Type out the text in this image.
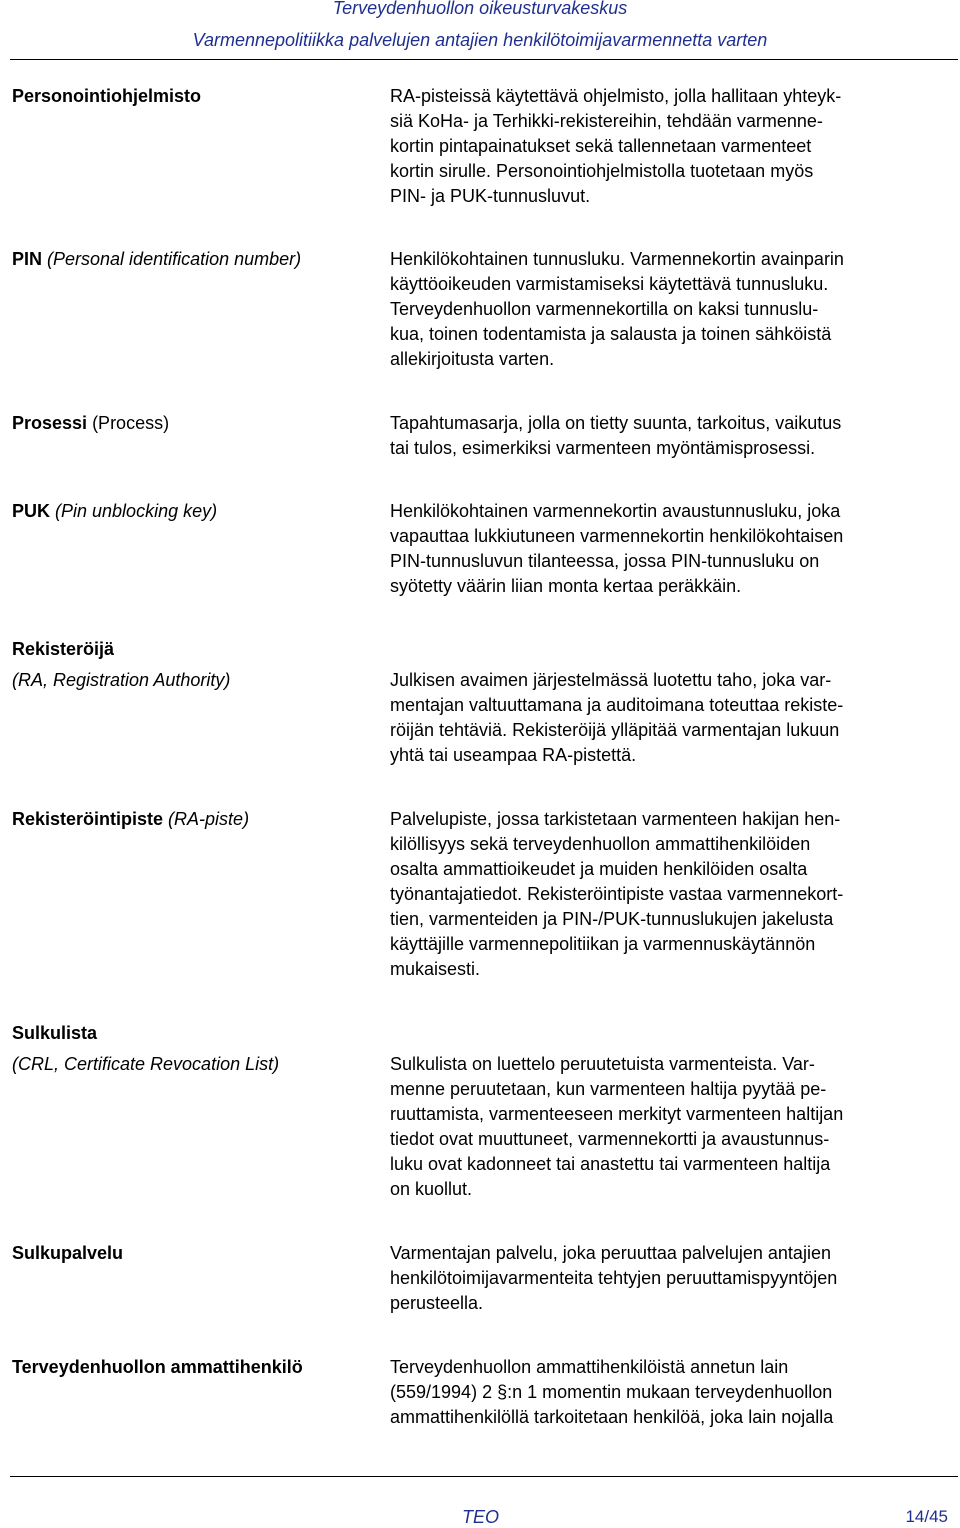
Terveydenhuollon oikeusturvakeskus
Varmennepolitiikka palvelujen antajien henkilötoimijavarmennetta varten
Personointiohjelmisto	RA-pisteissä käytettävä ohjelmisto, jolla hallitaan yhteyk-
siä KoHa- ja Terhikki-rekistereihin, tehdään varmenne-
kortin pintapainatukset sekä tallennetaan varmenteet
kortin sirulle. Personointiohjelmistolla tuotetaan myös
PIN- ja PUK-tunnusluvut.
PIN (Personal identification number)	Henkilökohtainen tunnusluku. Varmennekortin avainparin
käyttöoikeuden varmistamiseksi käytettävä tunnusluku.
Terveydenhuollon varmennekortilla on kaksi tunnuslu-
kua, toinen todentamista ja salausta ja toinen sähköistä
allekirjoitusta varten.
Prosessi (Process)	Tapahtumasarja, jolla on tietty suunta, tarkoitus, vaikutus
tai tulos, esimerkiksi varmenteen myöntämisprosessi.
PUK (Pin unblocking key)	Henkilökohtainen varmennekortin avaustunnusluku, joka
vapauttaa lukkiutuneen varmennekortin henkilökohtaisen
PIN-tunnusluvun tilanteessa, jossa PIN-tunnusluku on
syötetty väärin liian monta kertaa peräkkäin.
Rekisteröijä
(RA, Registration Authority)	Julkisen avaimen järjestelmässä luotettu taho, joka var-
mentajan valtuuttamana ja auditoimana toteuttaa rekiste-
röijän tehtäviä. Rekisteröijä ylläpitää varmentajan lukuun
yhtä tai useampaa RA-pistettä.
Rekisteröintipiste (RA-piste)	Palvelupiste, jossa tarkistetaan varmenteen hakijan hen-
kilöllisyys sekä terveydenhuollon ammattihenkilöiden
osalta ammattioikeudet ja muiden henkilöiden osalta
työnantajatiedot. Rekisteröintipiste vastaa varmennekort-
tien, varmenteiden ja PIN-/PUK-tunnuslukujen jakelusta
käyttäjille varmennepolitiikan ja varmennuskäytännön
mukaisesti.
Sulkulista
(CRL, Certificate Revocation List)	Sulkulista on luettelo peruutetuista varmenteista. Var-
menne peruutetaan, kun varmenteen haltija pyytää pe-
ruuttamista, varmenteeseen merkityt varmenteen haltijan
tiedot ovat muuttuneet, varmennekortti ja avaustunnus-
luku ovat kadonneet tai anastettu tai varmenteen haltija
on kuollut.
Sulkupalvelu	Varmentajan palvelu, joka peruuttaa palvelujen antajien
henkilötoimijavarmenteita tehtyjen peruuttamispyyntöjen
perusteella.
Terveydenhuollon ammattihenkilö	Terveydenhuollon ammattihenkilöistä annetun lain
(559/1994) 2 §:n 1 momentin mukaan terveydenhuollon
ammattihenkilöllä tarkoitetaan henkilöä, joka lain nojalla
TEO	14/45
